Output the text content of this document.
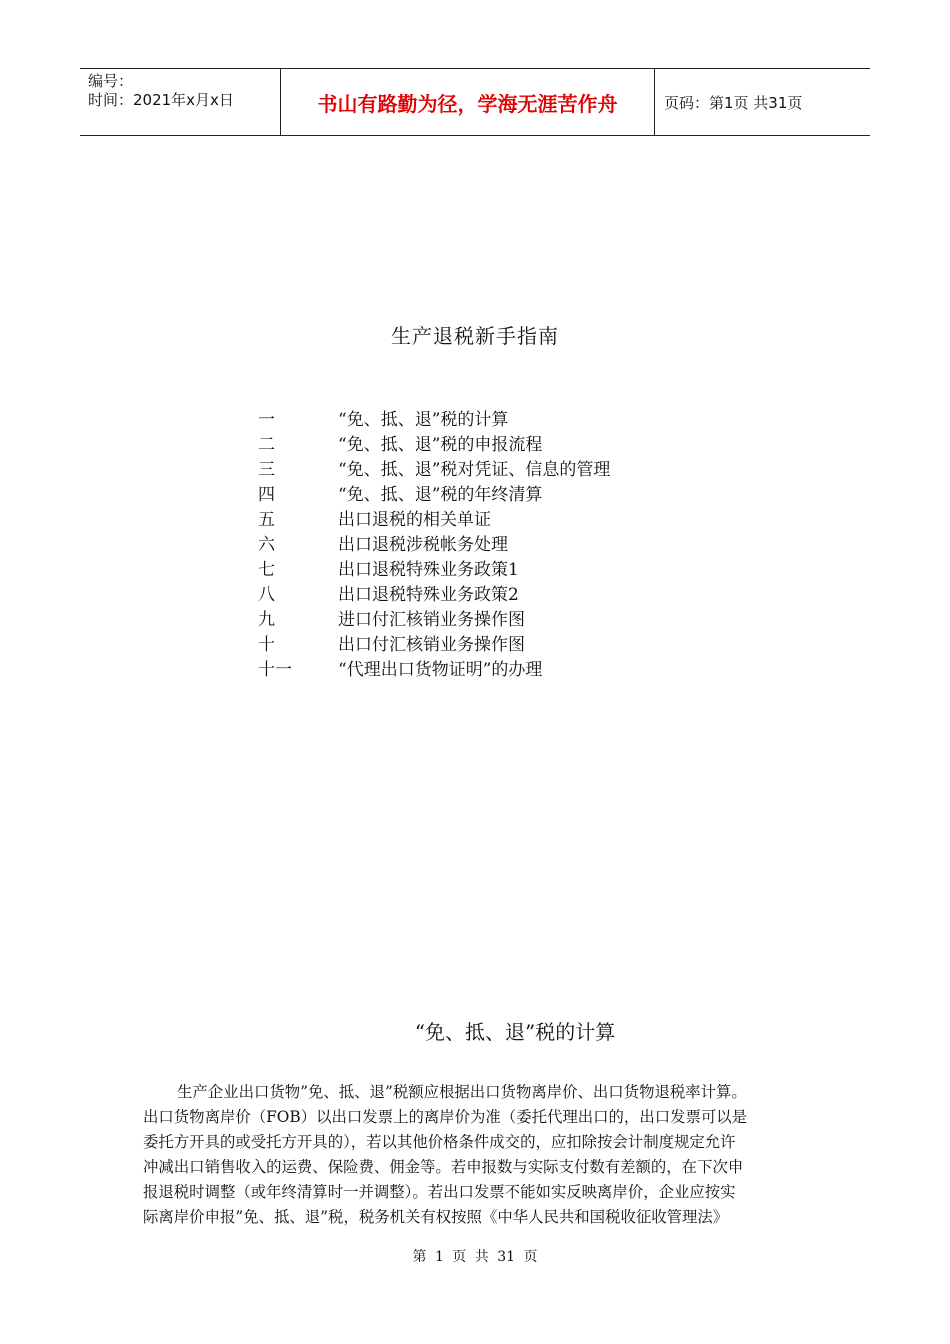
编号：
时间：2021年x月x日	书山有路勤为径，学海无涯苦作舟	页码：第1页 共31页
生产退税新手指南
一	“免、抵、退”税的计算
二	“免、抵、退”税的申报流程
三	“免、抵、退”税对凭证、信息的管理
四	“免、抵、退”税的年终清算
五	出口退税的相关单证
六	出口退税涉税帐务处理
七	出口退税特殊业务政策1
八	出口退税特殊业务政策2
九	进口付汇核销业务操作图
十	出口付汇核销业务操作图
十一	“代理出口货物证明”的办理
“免、抵、退”税的计算
生产企业出口货物”免、抵、退”税额应根据出口货物离岸价、出口货物退税率计算。
出口货物离岸价（FOB）以出口发票上的离岸价为准（委托代理出口的，出口发票可以是
委托方开具的或受托方开具的），若以其他价格条件成交的，应扣除按会计制度规定允许
冲减出口销售收入的运费、保险费、佣金等。若申报数与实际支付数有差额的，在下次申
报退税时调整（或年终清算时一并调整）。若出口发票不能如实反映离岸价，企业应按实
际离岸价申报”免、抵、退”税，税务机关有权按照《中华人民共和国税收征收管理法》
第 1 页 共 31 页
